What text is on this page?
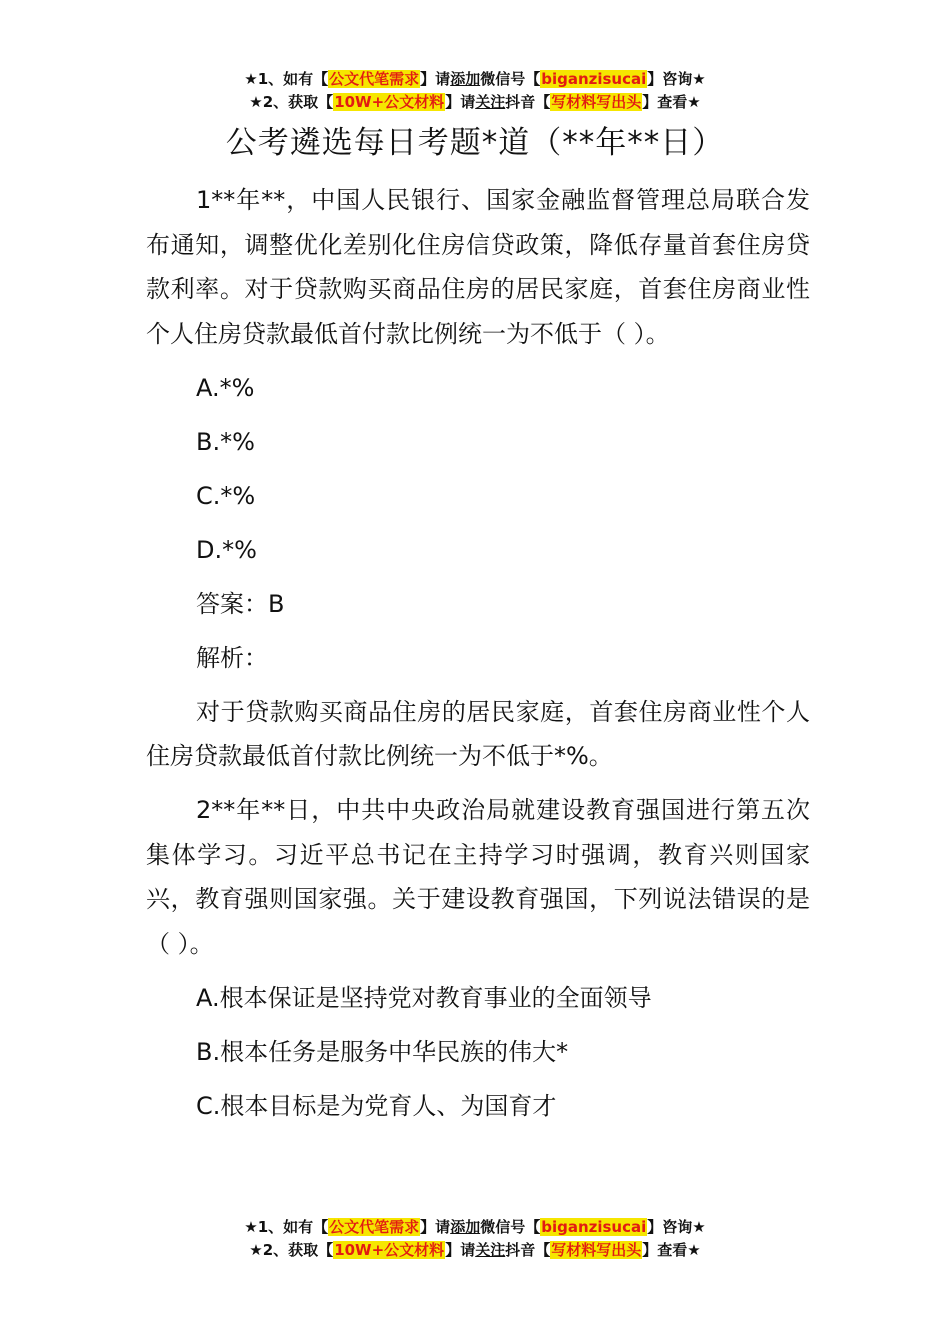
★1、如有【公文代笔需求】请添加微信号【biganzisucai】咨询★
★2、获取【10W+公文材料】请关注抖音【写材料写出头】查看★
公考遴选每日考题*道（**年**日）

1**年**，中国人民银行、国家金融监督管理总局联合发布通知，调整优化差别化住房信贷政策，降低存量首套住房贷款利率。对于贷款购买商品住房的居民家庭，首套住房商业性个人住房贷款最低首付款比例统一为不低于（ ）。

A.*%

B.*%

C.*%

D.*%

答案：B

解析：

对于贷款购买商品住房的居民家庭，首套住房商业性个人住房贷款最低首付款比例统一为不低于*%。

2**年**日，中共中央政治局就建设教育强国进行第五次集体学习。习近平总书记在主持学习时强调，教育兴则国家兴，教育强则国家强。关于建设教育强国，下列说法错误的是（ ）。

A.根本保证是坚持党对教育事业的全面领导

B.根本任务是服务中华民族的伟大*

C.根本目标是为党育人、为国育才

★1、如有【公文代笔需求】请添加微信号【biganzisucai】咨询★
★2、获取【10W+公文材料】请关注抖音【写材料写出头】查看★
